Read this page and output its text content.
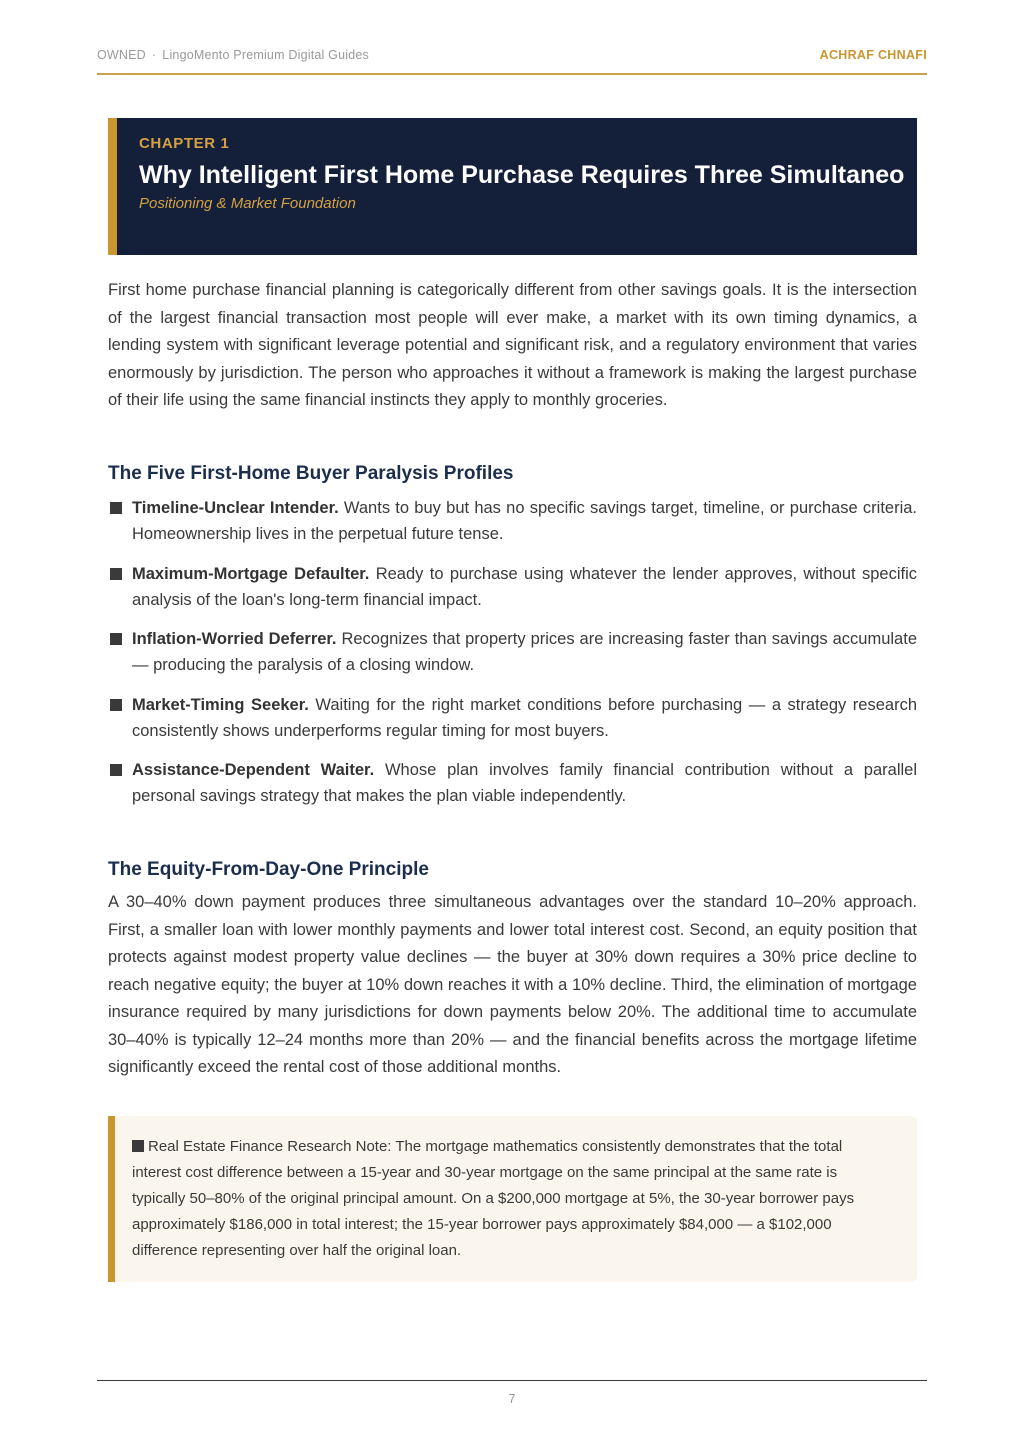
OWNED · LingoMento Premium Digital Guides	ACHRAF CHNAFI
CHAPTER 1
Why Intelligent First Home Purchase Requires Three Simultaneo
Positioning & Market Foundation

First home purchase financial planning is categorically different from other savings goals. It is the intersection of the largest financial transaction most people will ever make, a market with its own timing dynamics, a lending system with significant leverage potential and significant risk, and a regulatory environment that varies enormously by jurisdiction. The person who approaches it without a framework is making the largest purchase of their life using the same financial instincts they apply to monthly groceries.

The Five First-Home Buyer Paralysis Profiles
Timeline-Unclear Intender. Wants to buy but has no specific savings target, timeline, or purchase criteria. Homeownership lives in the perpetual future tense.
Maximum-Mortgage Defaulter. Ready to purchase using whatever the lender approves, without specific analysis of the loan's long-term financial impact.
Inflation-Worried Deferrer. Recognizes that property prices are increasing faster than savings accumulate — producing the paralysis of a closing window.
Market-Timing Seeker. Waiting for the right market conditions before purchasing — a strategy research consistently shows underperforms regular timing for most buyers.
Assistance-Dependent Waiter. Whose plan involves family financial contribution without a parallel personal savings strategy that makes the plan viable independently.
The Equity-From-Day-One Principle

A 30–40% down payment produces three simultaneous advantages over the standard 10–20% approach. First, a smaller loan with lower monthly payments and lower total interest cost. Second, an equity position that protects against modest property value declines — the buyer at 30% down requires a 30% price decline to reach negative equity; the buyer at 10% down reaches it with a 10% decline. Third, the elimination of mortgage insurance required by many jurisdictions for down payments below 20%. The additional time to accumulate 30–40% is typically 12–24 months more than 20% — and the financial benefits across the mortgage lifetime significantly exceed the rental cost of those additional months.

Real Estate Finance Research Note: The mortgage mathematics consistently demonstrates that the total interest cost difference between a 15-year and 30-year mortgage on the same principal at the same rate is typically 50–80% of the original principal amount. On a $200,000 mortgage at 5%, the 30-year borrower pays approximately $186,000 in total interest; the 15-year borrower pays approximately $84,000 — a $102,000 difference representing over half the original loan.

7
